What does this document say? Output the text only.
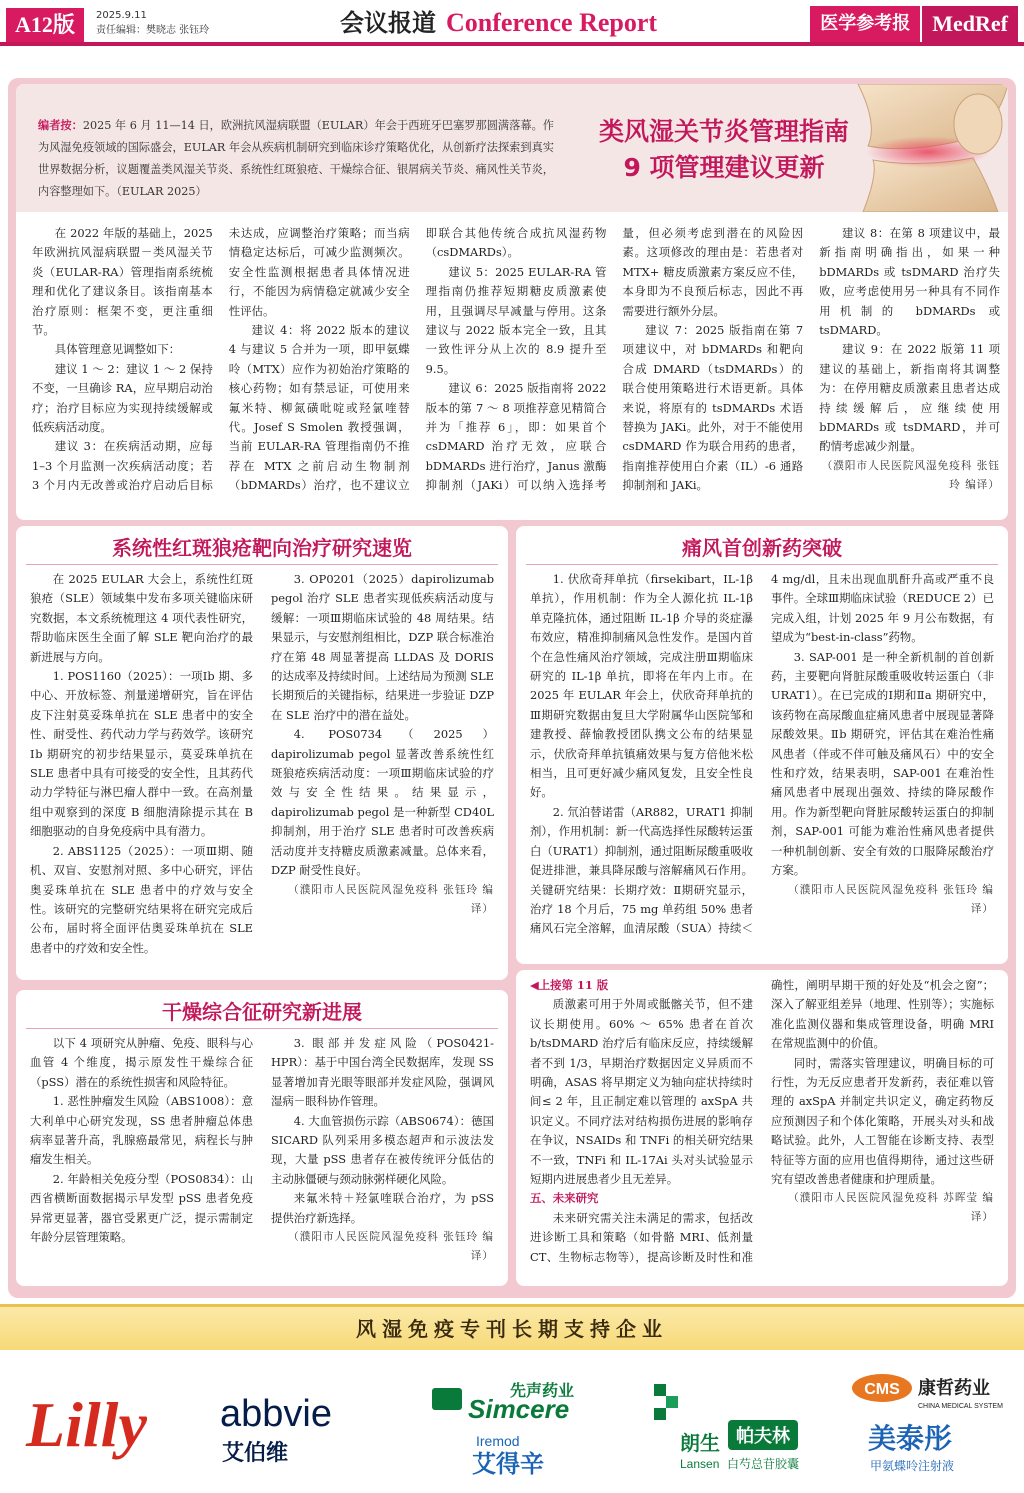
A12版	2025.9.11
责任编辑：樊晓志 张钰玲	会议报道 Conference Report	医学参考报	MedRef
编者按：2025 年 6 月 11—14 日，欧洲抗风湿病联盟（EULAR）年会于西班牙巴塞罗那圆满落幕。作为风湿免疫领域的国际盛会，EULAR 年会从疾病机制研究到临床诊疗策略优化，从创新疗法探索到真实世界数据分析，议题覆盖类风湿关节炎、系统性红斑狼疮、干燥综合征、银屑病关节炎、痛风性关节炎，内容整理如下。（EULAR 2025）
类风湿关节炎管理指南
9 项管理建议更新

在 2022 年版的基础上，2025 年欧洲抗风湿病联盟－类风湿关节炎（EULAR-RA）管理指南系统梳理和优化了建议条目。该指南基本治疗原则：框架不变，更注重细节。

具体管理意见调整如下：

建议 1 ～ 2：建议 1 ～ 2 保持不变，一旦确诊 RA，应早期启动治疗；治疗目标应为实现持续缓解或低疾病活动度。

建议 3：在疾病活动期，应每 1–3 个月监测一次疾病活动度；若 3 个月内无改善或治疗启动后目标未达成，应调整治疗策略；而当病情稳定达标后，可减少监测频次。安全性监测根据患者具体情况进行，不能因为病情稳定就减少安全性评估。

建议 4：将 2022 版本的建议 4 与建议 5 合并为一项，即甲氨蝶呤（MTX）应作为初始治疗策略的核心药物；如有禁忌证，可使用来氟米特、柳氮磺吡啶或羟氯喹替代。Josef S Smolen 教授强调，当前 EULAR-RA 管理指南仍不推荐在 MTX 之前启动生物制剂（bDMARDs）治疗，也不建议立即联合其他传统合成抗风湿药物（csDMARDs）。

建议 5：2025 EULAR-RA 管理指南仍推荐短期糖皮质激素使用，且强调尽早减量与停用。这条建议与 2022 版本完全一致，且其一致性评分从上次的 8.9 提升至 9.5。

建议 6：2025 版指南将 2022 版本的第 7 ～ 8 项推荐意见精简合并为「推荐 6」，即：如果首个 csDMARD 治疗无效，应联合 bDMARDs 进行治疗，Janus 激酶抑制剂（JAKi）可以纳入选择考量，但必须考虑到潜在的风险因素。这项修改的理由是：若患者对 MTX+ 糖皮质激素方案反应不佳，本身即为不良预后标志，因此不再需要进行额外分层。

建议 7：2025 版指南在第 7 项建议中，对 bDMARDs 和靶向合成 DMARD（tsDMARDs）的联合使用策略进行术语更新。具体来说，将原有的 tsDMARDs 术语替换为 JAKi。此外，对于不能使用 csDMARD 作为联合用药的患者，指南推荐使用白介素（IL）-6 通路抑制剂和 JAKi。

建议 8：在第 8 项建议中，最新指南明确指出，如果一种 bDMARDs 或 tsDMARD 治疗失败，应考虑使用另一种具有不同作用机制的 bDMARDs 或 tsDMARD。

建议 9：在 2022 版第 11 项建议的基础上，新指南将其调整为：在停用糖皮质激素且患者达成持续缓解后，应继续使用 bDMARDs 或 tsDMARD，并可酌情考虑减少剂量。

（濮阳市人民医院风湿免疫科 张钰玲 编译）
系统性红斑狼疮靶向治疗研究速览

在 2025 EULAR 大会上，系统性红斑狼疮（SLE）领域集中发布多项关键临床研究数据，本文系统梳理这 4 项代表性研究，帮助临床医生全面了解 SLE 靶向治疗的最新进展与方向。

1. POS1160（2025）：一项Ⅰb 期、多中心、开放标签、剂量递增研究，旨在评估皮下注射莫妥珠单抗在 SLE 患者中的安全性、耐受性、药代动力学与药效学。该研究Ⅰb 期研究的初步结果显示，莫妥珠单抗在 SLE 患者中具有可接受的安全性，且其药代动力学特征与淋巴瘤人群中一致。在高剂量组中观察到的深度 B 细胞清除提示其在 B 细胞驱动的自身免疫病中具有潜力。

2. ABS1125（2025）：一项Ⅲ期、随机、双盲、安慰剂对照、多中心研究，评估奥妥珠单抗在 SLE 患者中的疗效与安全性。该研究的完整研究结果将在研究完成后公布，届时将全面评估奥妥珠单抗在 SLE 患者中的疗效和安全性。

3. OP0201（2025）dapirolizumab pegol 治疗 SLE 患者实现低疾病活动度与缓解：一项Ⅲ期临床试验的 48 周结果。结果显示，与安慰剂组相比，DZP 联合标准治疗在第 48 周显著提高 LLDAS 及 DORIS 的达成率及持续时间。上述结局为预测 SLE 长期预后的关键指标，结果进一步验证 DZP 在 SLE 治疗中的潜在益处。

4. POS0734（2025）dapirolizumab pegol 显著改善系统性红斑狼疮疾病活动度：一项Ⅲ期临床试验的疗效与安全性结果。结果显示，dapirolizumab pegol 是一种新型 CD40L 抑制剂，用于治疗 SLE 患者时可改善疾病活动度并支持糖皮质激素减量。总体来看，DZP 耐受性良好。

（濮阳市人民医院风湿免疫科 张钰玲 编译）
痛风首创新药突破

1. 伏欣奇拜单抗（firsekibart，IL-1β 单抗），作用机制：作为全人源化抗 IL-1β 单克隆抗体，通过阻断 IL-1β 介导的炎症瀑布效应，精准抑制痛风急性发作。是国内首个在急性痛风治疗领域，完成注册Ⅲ期临床研究的 IL-1β 单抗，即将在年内上市。在 2025 年 EULAR 年会上，伏欣奇拜单抗的Ⅲ期研究数据由复旦大学附属华山医院邹和建教授、薛愉教授团队携文公布的结果显示，伏欣奇拜单抗镇痛效果与复方倍他米松相当，且可更好减少痛风复发，且安全性良好。

2. 氘泊替诺雷（AR882，URAT1 抑制剂），作用机制：新一代高选择性尿酸转运蛋白（URAT1）抑制剂，通过阻断尿酸重吸收促进排泄，兼具降尿酸与溶解痛风石作用。关键研究结果：长期疗效：Ⅱ期研究显示，治疗 18 个月后，75 mg 单药组 50% 患者痛风石完全溶解，血清尿酸（SUA）持续＜4 mg/dl，且未出现血肌酐升高或严重不良事件。全球Ⅲ期临床试验（REDUCE 2）已完成入组，计划 2025 年 9 月公布数据，有望成为“best-in-class”药物。

3. SAP-001 是一种全新机制的首创新药，主要靶向肾脏尿酸重吸收转运蛋白（非 URAT1）。在已完成的Ⅰ期和Ⅱa 期研究中，该药物在高尿酸血症痛风患者中展现显著降尿酸效果。Ⅱb 期研究，评估其在难治性痛风患者（伴或不伴可触及痛风石）中的安全性和疗效，结果表明，SAP-001 在难治性痛风患者中展现出强效、持续的降尿酸作用。作为新型靶向肾脏尿酸转运蛋白的抑制剂，SAP-001 可能为难治性痛风患者提供一种机制创新、安全有效的口服降尿酸治疗方案。

（濮阳市人民医院风湿免疫科 张钰玲 编译）
干燥综合征研究新进展

以下 4 项研究从肿瘤、免疫、眼科与心血管 4 个维度，揭示原发性干燥综合征（pSS）潜在的系统性损害和风险特征。

1. 恶性肿瘤发生风险（ABS1008）：意大利单中心研究发现，SS 患者肿瘤总体患病率显著升高，乳腺癌最常见，病程长与肿瘤发生相关。

2. 年龄相关免疫分型（POS0834）：山西省横断面数据揭示早发型 pSS 患者免疫异常更显著，器官受累更广泛，提示需制定年龄分层管理策略。

3. 眼部并发症风险（POS0421-HPR）：基于中国台湾全民数据库，发现 SS 显著增加青光眼等眼部并发症风险，强调风湿病－眼科协作管理。

4. 大血管损伤示踪（ABS0674）：德国 SICARD 队列采用多模态超声和示波法发现，大量 pSS 患者存在被传统评分低估的主动脉僵硬与颈动脉粥样硬化风险。

来氟米特＋羟氯喹联合治疗，为 pSS 提供治疗新选择。

（濮阳市人民医院风湿免疫科 张钰玲 编译）
◀上接第 11 版

质激素可用于外周或骶髂关节，但不建议长期使用。60% ～ 65% 患者在首次 b/tsDMARD 治疗后有临床反应，持续缓解者不到 1/3，早期治疗数据因定义异质而不明确，ASAS 将早期定义为轴向症状持续时间≤ 2 年，且正制定难以管理的 axSpA 共识定义。不同疗法对结构损伤进展的影响存在争议，NSAIDs 和 TNFi 的相关研究结果不一致，TNFi 和 IL-17Ai 头对头试验显示短期内进展患者少且无差异。

五、未来研究

未来研究需关注未满足的需求，包括改进诊断工具和策略（如骨骼 MRI、低剂量 CT、生物标志物等），提高诊断及时性和准确性，阐明早期干预的好处及“机会之窗”；深入了解亚组差异（地理、性别等）；实施标准化监测仪器和集成管理设备，明确 MRI 在常规监测中的价值。

同时，需落实管理建议，明确目标的可行性，为无反应患者开发新药，表征难以管理的 axSpA 并制定共识定义，确定药物反应预测因子和个体化策略，开展头对头和战略试验。此外，人工智能在诊断支持、表型特征等方面的应用也值得期待，通过这些研究有望改善患者健康和护理质量。

（濮阳市人民医院风湿免疫科 苏晖莹 编译）
风湿免疫专刊长期支持企业
Lilly abbvie
艾伯维
先声药业
Simcere
Iremod
艾得辛
朗生
Lansen
帕夫林
白芍总苷胶囊
CMS 康哲药业
CHINA MEDICAL SYSTEM
美泰彤
甲氨蝶呤注射液
